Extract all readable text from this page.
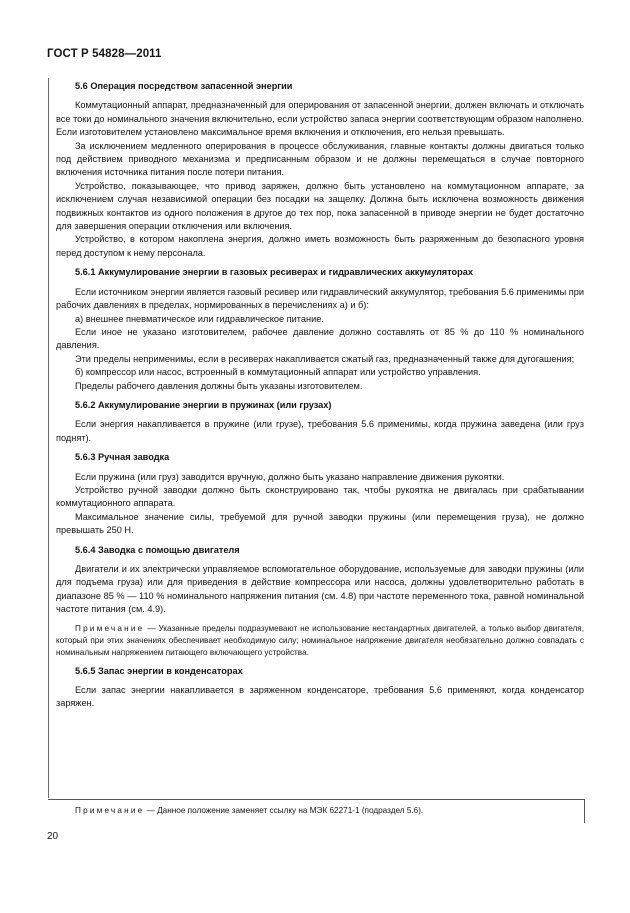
ГОСТ Р 54828—2011
5.6 Операция посредством запасенной энергии

Коммутационный аппарат, предназначенный для оперирования от запасенной энергии, должен включать и отключать все токи до номинального значения включительно, если устройство запаса энергии соответствующим образом наполнено. Если изготовителем установлено максимальное время включения и отключения, его нельзя превышать.

За исключением медленного оперирования в процессе обслуживания, главные контакты должны двигаться только под действием приводного механизма и предписанным образом и не должны перемещаться в случае повторного включения источника питания после потери питания.

Устройство, показывающее, что привод заряжен, должно быть установлено на коммутационном аппарате, за исключением случая независимой операции без посадки на защелку. Должна быть исключена возможность движения подвижных контактов из одного положения в другое до тех пор, пока запасенной в приводе энергии не будет достаточно для завершения операции отключения или включения.

Устройство, в котором накоплена энергия, должно иметь возможность быть разряженным до безопасного уровня перед доступом к нему персонала.

5.6.1 Аккумулирование энергии в газовых ресиверах и гидравлических аккумуляторах

Если источником энергии является газовый ресивер или гидравлический аккумулятор, требования 5.6 применимы при рабочих давлениях в пределах, нормированных в перечислениях а) и б):

а) внешнее пневматическое или гидравлическое питание.

Если иное не указано изготовителем, рабочее давление должно составлять от 85 % до 110 % номинального давления.

Эти пределы неприменимы, если в ресиверах накапливается сжатый газ, предназначенный также для дугогашения;

б) компрессор или насос, встроенный в коммутационный аппарат или устройство управления.

Пределы рабочего давления должны быть указаны изготовителем.

5.6.2 Аккумулирование энергии в пружинах (или грузах)

Если энергия накапливается в пружине (или грузе), требования 5.6 применимы, когда пружина заведена (или груз поднят).

5.6.3 Ручная заводка

Если пружина (или груз) заводится вручную, должно быть указано направление движения рукоятки.

Устройство ручной заводки должно быть сконструировано так, чтобы рукоятка не двигалась при срабатывании коммутационного аппарата.

Максимальное значение силы, требуемой для ручной заводки пружины (или перемещения груза), не должно превышать 250 Н.

5.6.4 Заводка с помощью двигателя

Двигатели и их электрически управляемое вспомогательное оборудование, используемые для заводки пружины (или для подъема груза) или для приведения в действие компрессора или насоса, должны удовлетворительно работать в диапазоне 85 % — 110 % номинального напряжения питания (см. 4.8) при частоте переменного тока, равной номинальной частоте питания (см. 4.9).

Примечание — Указанные пределы подразумевают не использование нестандартных двигателей, а только выбор двигателя, который при этих значениях обеспечивает необходимую силу; номинальное напряжение двигателя необязательно должно совпадать с номинальным напряжением питающего включающего устройства.

5.6.5 Запас энергии в конденсаторах

Если запас энергии накапливается в заряженном конденсаторе, требования 5.6 применяют, когда конденсатор заряжен.

Примечание — Данное положение заменяет ссылку на МЭК 62271-1 (подраздел 5.6).
20
